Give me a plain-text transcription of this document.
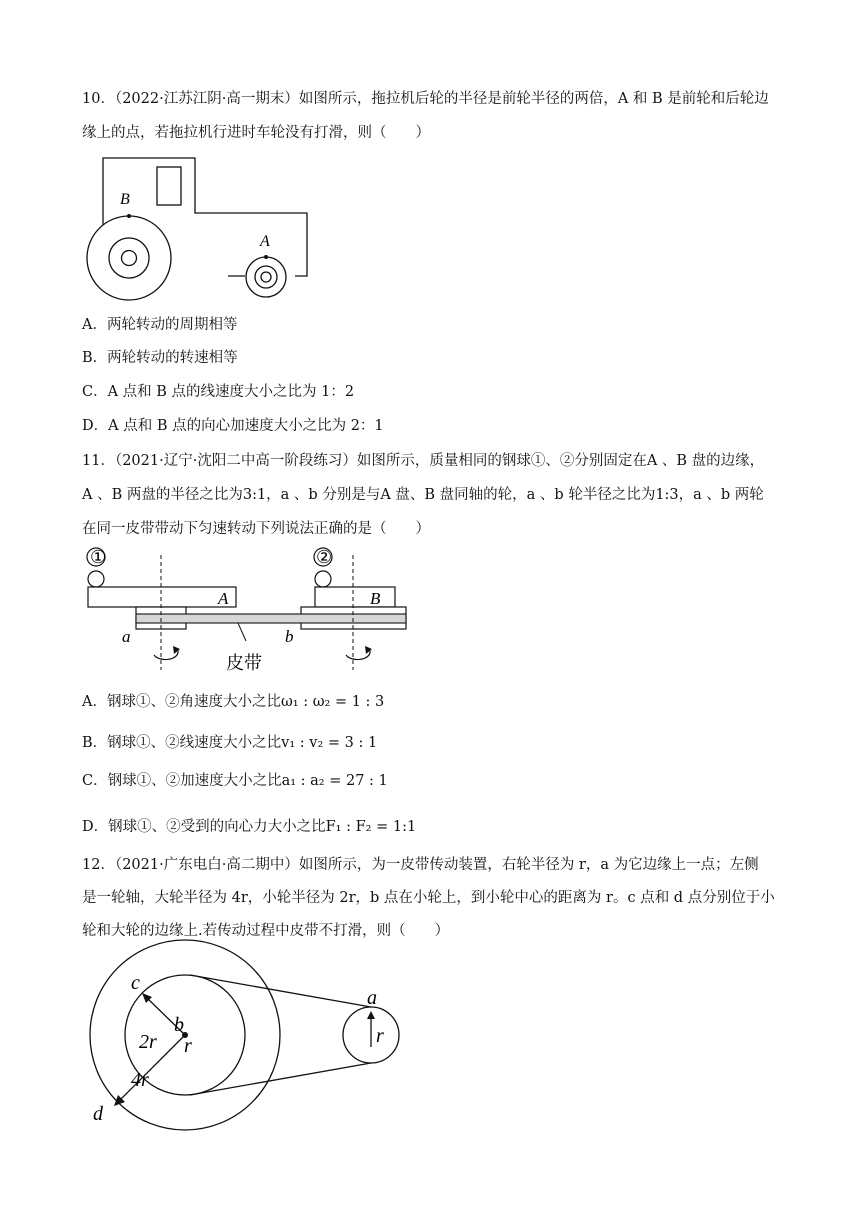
10．（2022·江苏江阴·高一期末）如图所示，拖拉机后轮的半径是前轮半径的两倍，A 和 B 是前轮和后轮边
缘上的点，若拖拉机行进时车轮没有打滑，则（　　）
B
A
A．两轮转动的周期相等
B．两轮转动的转速相等
C．A 点和 B 点的线速度大小之比为 1：2
D．A 点和 B 点的向心加速度大小之比为 2：1
11．（2021·辽宁·沈阳二中高一阶段练习）如图所示，质量相同的钢球①、②分别固定在A 、B 盘的边缘，
A 、B 两盘的半径之比为3:1，a 、b 分别是与A 盘、B 盘同轴的轮，a 、b 轮半径之比为1:3，a 、b 两轮
在同一皮带带动下匀速转动下列说法正确的是（　　）
①	②
A	B
a	b
皮带
A．钢球①、②角速度大小之比ω₁ : ω₂ = 1 : 3
B．钢球①、②线速度大小之比v₁ : v₂ = 3 : 1
C．钢球①、②加速度大小之比a₁ : a₂ = 27 : 1
D．钢球①、②受到的向心力大小之比F₁ : F₂ = 1:1
12．（2021·广东电白·高二期中）如图所示，为一皮带传动装置，右轮半径为 r，a 为它边缘上一点；左侧
是一轮轴，大轮半径为 4r，小轮半径为 2r，b 点在小轮上，到小轮中心的距离为 r。c 点和 d 点分别位于小
轮和大轮的边缘上.若传动过程中皮带不打滑，则（　　）
c
b
r
2r
4r
d
a
r
